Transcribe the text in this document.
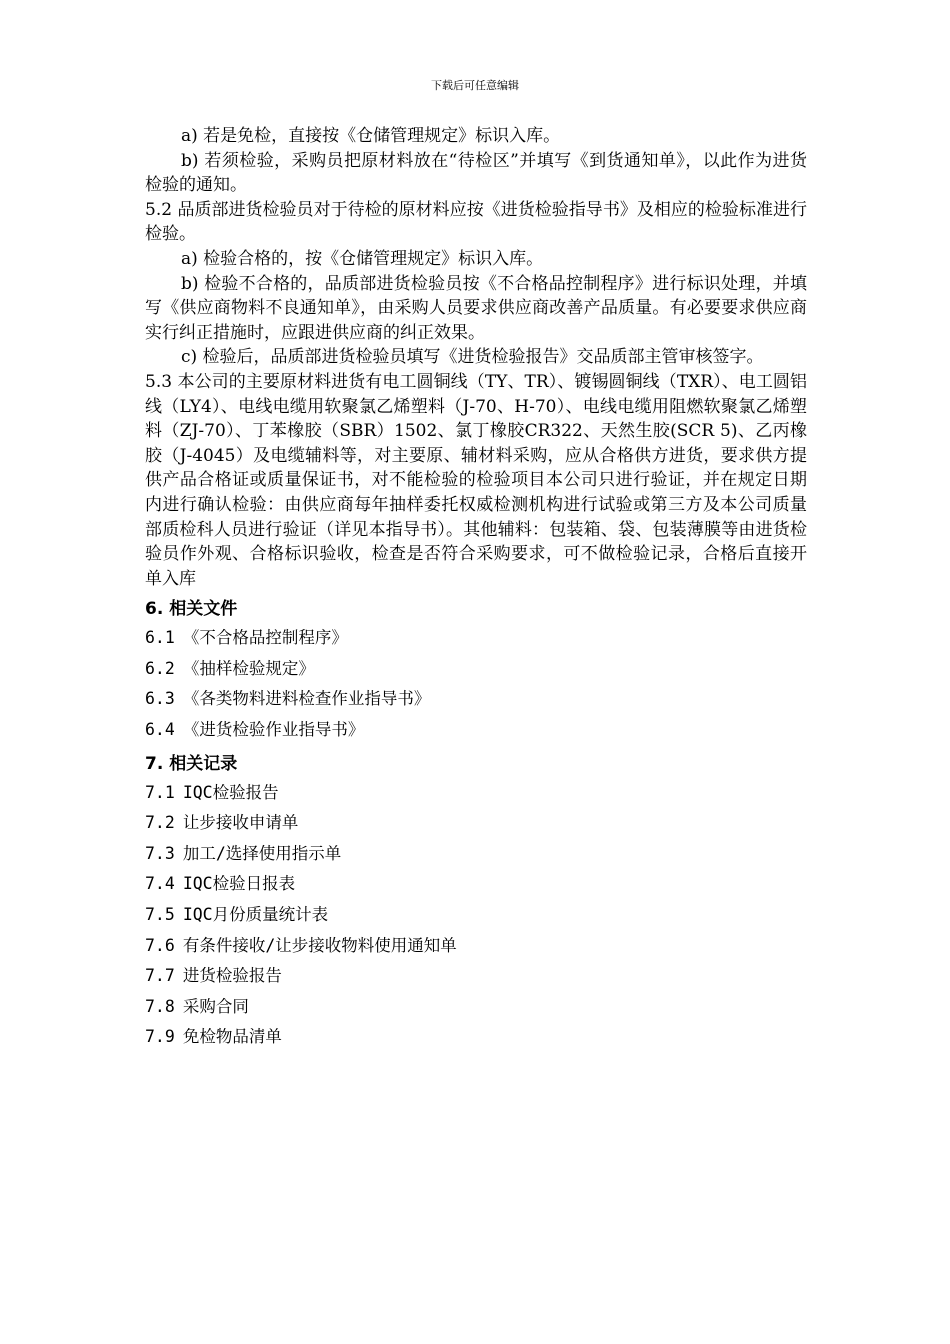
下载后可任意编辑

a) 若是免检，直接按《仓储管理规定》标识入库。

b) 若须检验，采购员把原材料放在“待检区”并填写《到货通知单》，以此作为进货检验的通知。

5.2 品质部进货检验员对于待检的原材料应按《进货检验指导书》及相应的检验标准进行检验。

a) 检验合格的，按《仓储管理规定》标识入库。

b) 检验不合格的，品质部进货检验员按《不合格品控制程序》进行标识处理，并填写《供应商物料不良通知单》，由采购人员要求供应商改善产品质量。有必要要求供应商实行纠正措施时，应跟进供应商的纠正效果。

c) 检验后，品质部进货检验员填写《进货检验报告》交品质部主管审核签字。

5.3 本公司的主要原材料进货有电工圆铜线（TY、TR）、镀锡圆铜线（TXR）、电工圆铝线（LY4）、电线电缆用软聚氯乙烯塑料（J-70、H-70）、电线电缆用阻燃软聚氯乙烯塑料（ZJ-70）、丁苯橡胶（SBR）1502、氯丁橡胶CR322、天然生胶(SCR 5)、乙丙橡胶（J-4045）及电缆辅料等，对主要原、辅材料采购，应从合格供方进货，要求供方提供产品合格证或质量保证书，对不能检验的检验项目本公司只进行验证，并在规定日期内进行确认检验：由供应商每年抽样委托权威检测机构进行试验或第三方及本公司质量部质检科人员进行验证（详见本指导书）。其他辅料：包装箱、袋、包装薄膜等由进货检验员作外观、合格标识验收，检查是否符合采购要求，可不做检验记录，合格后直接开单入库

6. 相关文件
6.1 《不合格品控制程序》
6.2 《抽样检验规定》
6.3 《各类物料进料检查作业指导书》
6.4 《进货检验作业指导书》
7. 相关记录
7.1 IQC检验报告
7.2 让步接收申请单
7.3 加工/选择使用指示单
7.4 IQC检验日报表
7.5 IQC月份质量统计表
7.6 有条件接收/让步接收物料使用通知单
7.7 进货检验报告
7.8 采购合同
7.9 免检物品清单
